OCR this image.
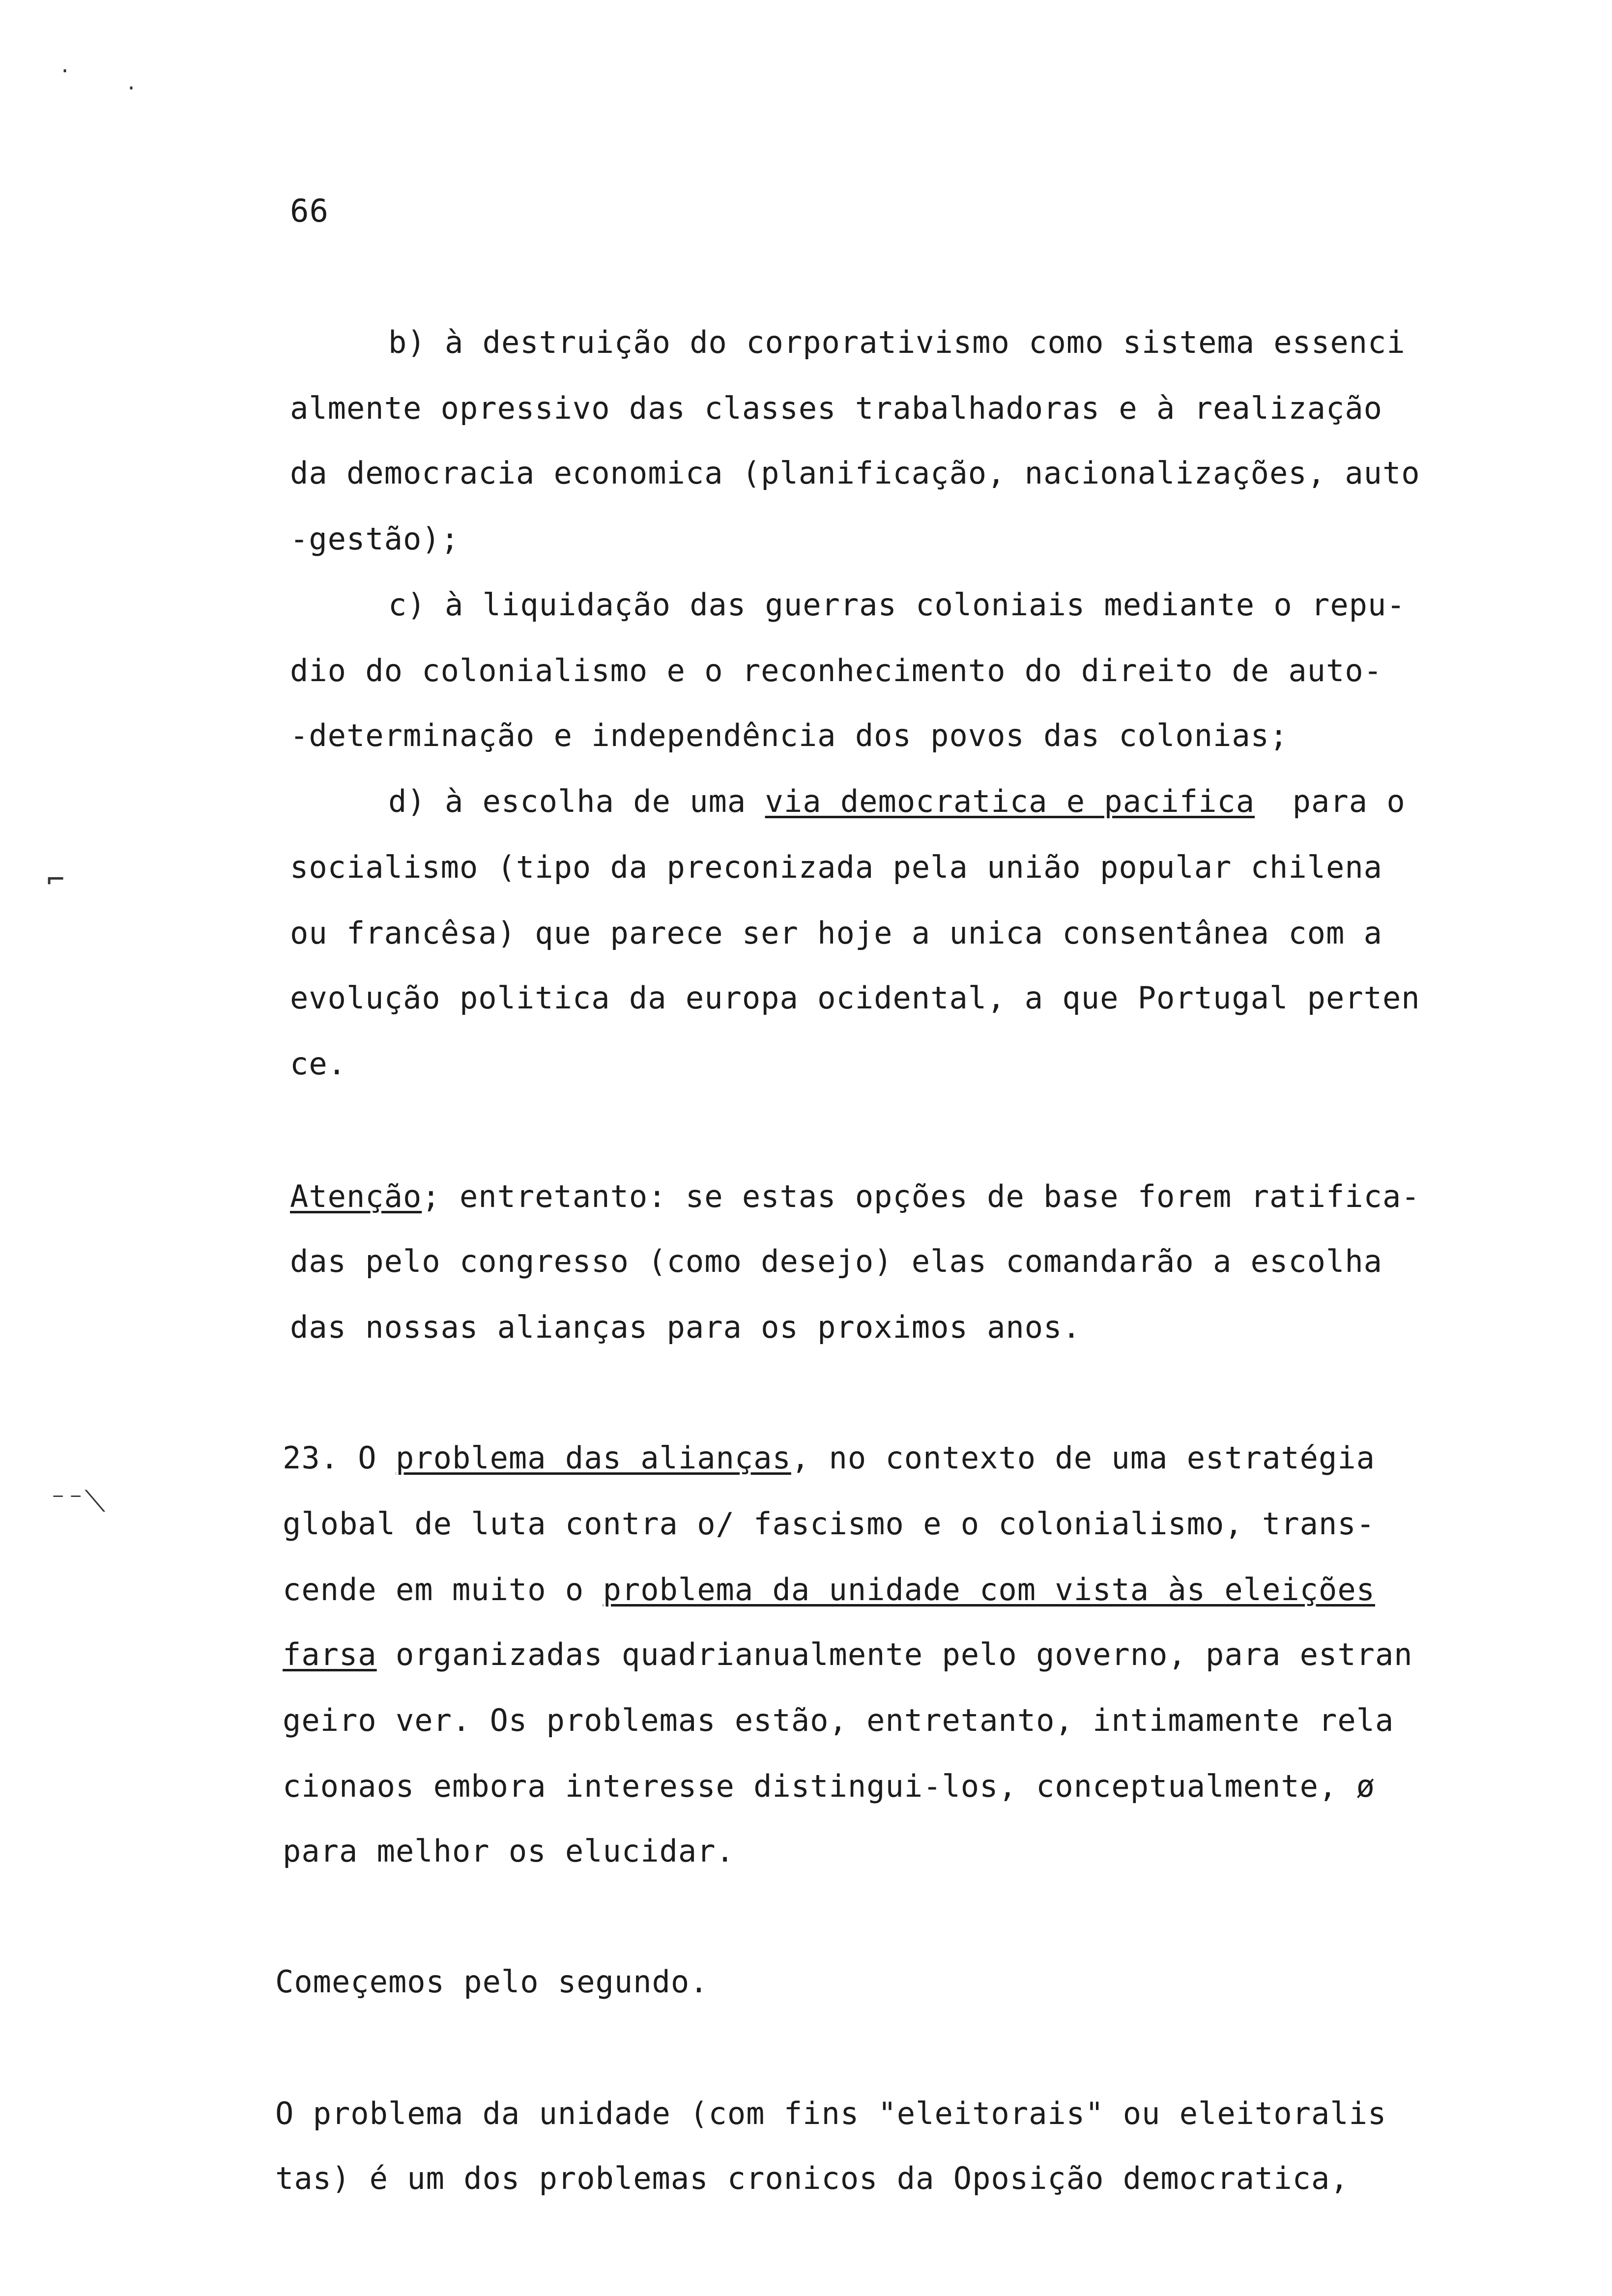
·
·
⌐
⁻⁻⟍
66
b) à destruição do corporativismo como sistema essenci
almente opressivo das classes trabalhadoras e à realização
da democracia economica (planificação, nacionalizações, auto
-gestão);
c) à liquidação das guerras coloniais mediante o repu-
dio do colonialismo e o reconhecimento do direito de auto-
-determinação e independência dos povos das colonias;
d) à escolha de uma via democratica e pacifica  para o
socialismo (tipo da preconizada pela união popular chilena
ou francêsa) que parece ser hoje a unica consentânea com a
evolução politica da europa ocidental, a que Portugal perten
ce.
Atenção; entretanto: se estas opções de base forem ratifica-
das pelo congresso (como desejo) elas comandarão a escolha
das nossas alianças para os proximos anos.
23. O problema das alianças, no contexto de uma estratégia
global de luta contra o/ fascismo e o colonialismo, trans-
cende em muito o problema da unidade com vista às eleições
farsa organizadas quadrianualmente pelo governo, para estran
geiro ver. Os problemas estão, entretanto, intimamente rela
cionaos embora interesse distingui-los, conceptualmente, ø
para melhor os elucidar.
Começemos pelo segundo.
O problema da unidade (com fins "eleitorais" ou eleitoralis
tas) é um dos problemas cronicos da Oposição democratica,
